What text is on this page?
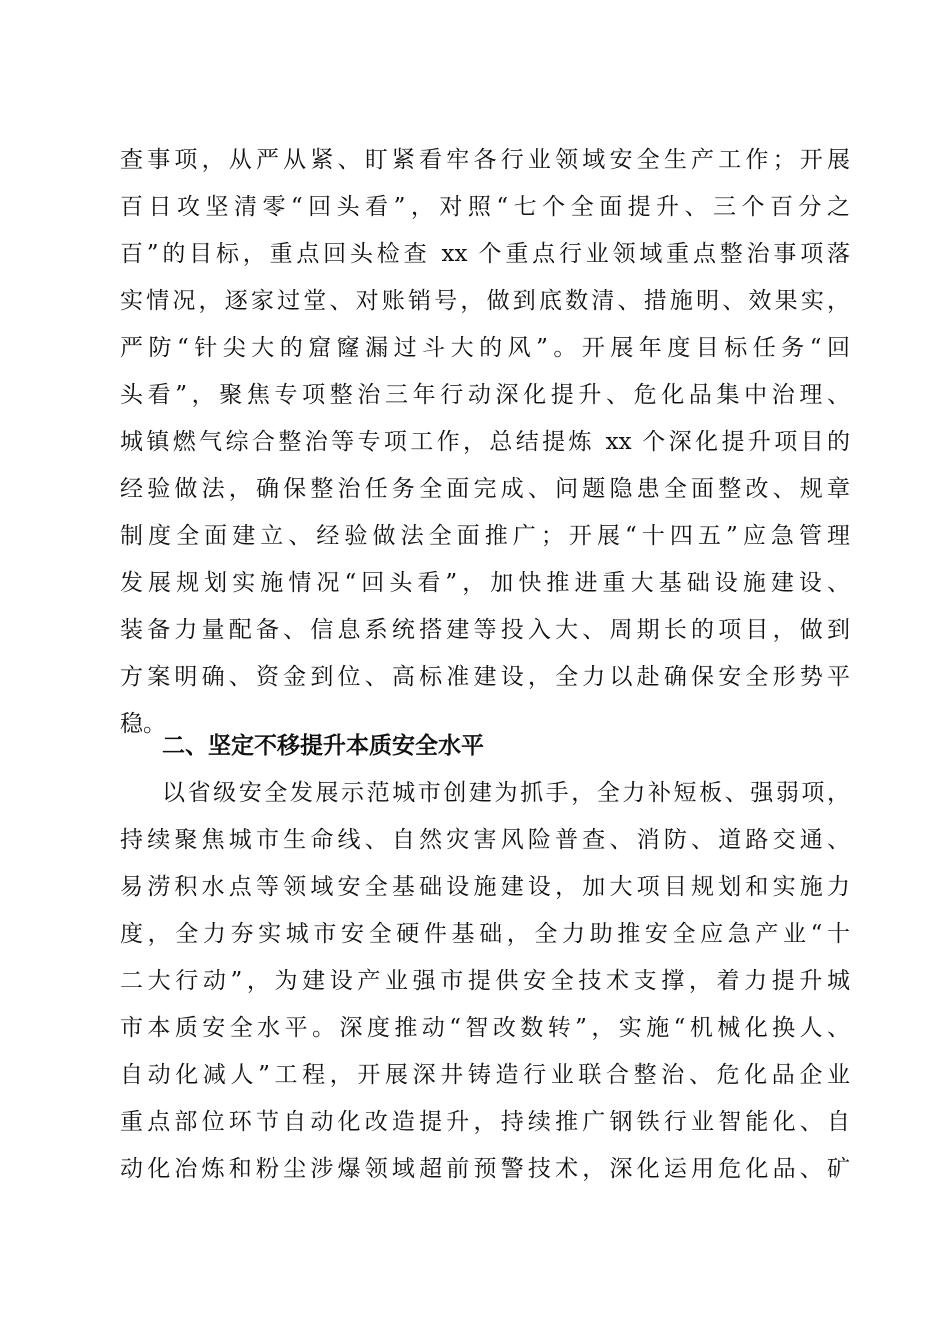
查事项，从严从紧、盯紧看牢各行业领域安全生产工作；开展
百日攻坚清零“回头看”，对照“七个全面提升、三个百分之
百”的目标，重点回头检查 xx 个重点行业领域重点整治事项落
实情况，逐家过堂、对账销号，做到底数清、措施明、效果实，
严防“针尖大的窟窿漏过斗大的风”。开展年度目标任务“回
头看”，聚焦专项整治三年行动深化提升、危化品集中治理、
城镇燃气综合整治等专项工作，总结提炼 xx 个深化提升项目的
经验做法，确保整治任务全面完成、问题隐患全面整改、规章
制度全面建立、经验做法全面推广；开展“十四五”应急管理
发展规划实施情况“回头看”，加快推进重大基础设施建设、
装备力量配备、信息系统搭建等投入大、周期长的项目，做到
方案明确、资金到位、高标准建设，全力以赴确保安全形势平
稳。
二、坚定不移提升本质安全水平
以省级安全发展示范城市创建为抓手，全力补短板、强弱项，
持续聚焦城市生命线、自然灾害风险普查、消防、道路交通、
易涝积水点等领域安全基础设施建设，加大项目规划和实施力
度，全力夯实城市安全硬件基础，全力助推安全应急产业“十
二大行动”，为建设产业强市提供安全技术支撑，着力提升城
市本质安全水平。深度推动“智改数转”，实施“机械化换人、
自动化减人”工程，开展深井铸造行业联合整治、危化品企业
重点部位环节自动化改造提升，持续推广钢铁行业智能化、自
动化冶炼和粉尘涉爆领域超前预警技术，深化运用危化品、矿
